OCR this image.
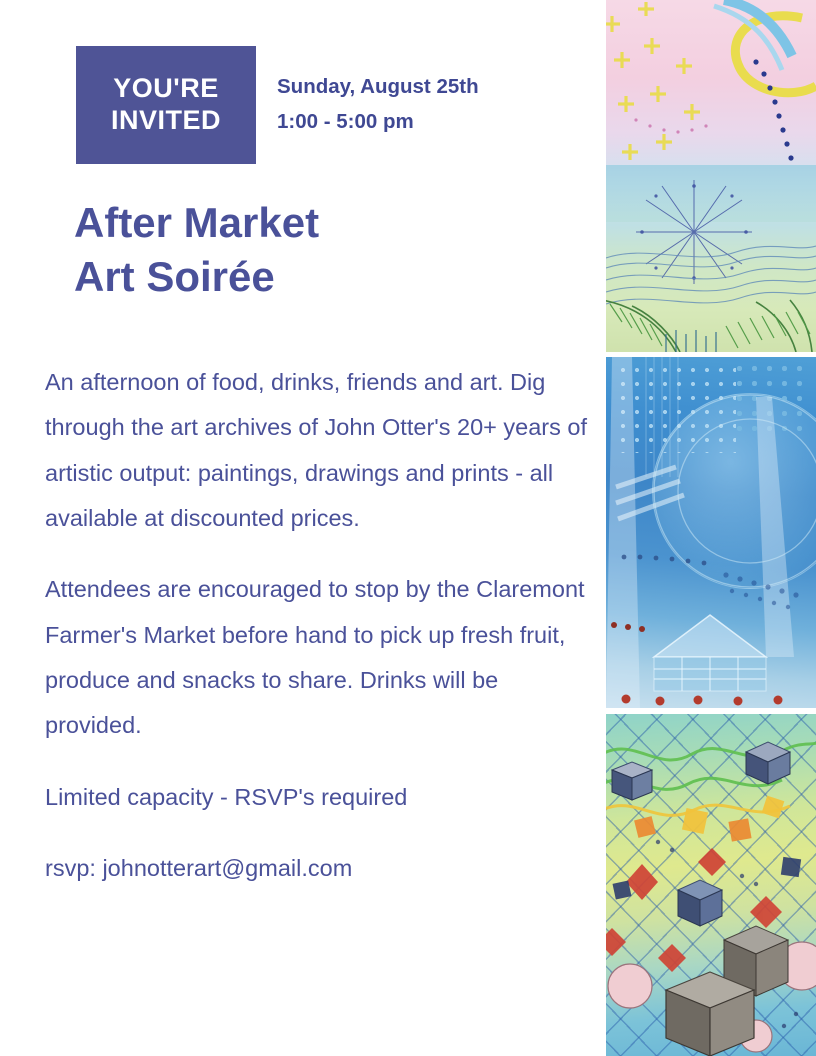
YOU'RE
INVITED
Sunday, August 25th
1:00 - 5:00 pm
After Market
Art Soirée
An afternoon of food, drinks, friends and art. Dig through the art archives of John Otter's 20+ years of artistic output: paintings, drawings and prints - all available at discounted prices.
Attendees are encouraged to stop by the Claremont Farmer's Market before hand to pick up fresh fruit, produce and snacks to share. Drinks will be provided.
Limited capacity - RSVP's required
rsvp: johnotterart@gmail.com
